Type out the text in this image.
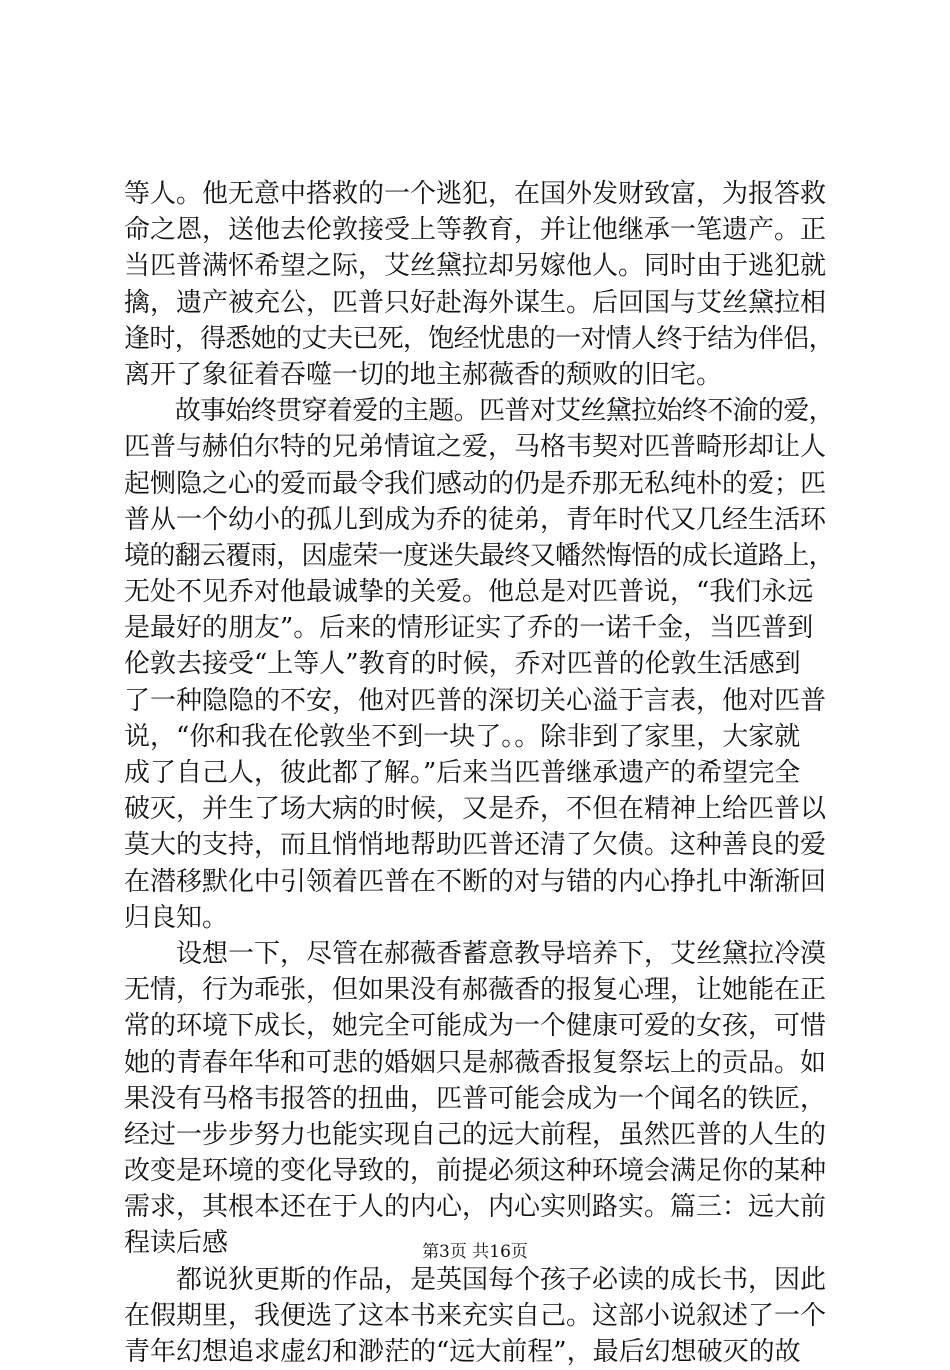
等人。他无意中搭救的一个逃犯，在国外发财致富，为报答救
命之恩，送他去伦敦接受上等教育，并让他继承一笔遗产。正
当匹普满怀希望之际，艾丝黛拉却另嫁他人。同时由于逃犯就
擒，遗产被充公，匹普只好赴海外谋生。后回国与艾丝黛拉相
逢时，得悉她的丈夫已死，饱经忧患的一对情人终于结为伴侣，
离开了象征着吞噬一切的地主郝薇香的颓败的旧宅。
　　故事始终贯穿着爱的主题。匹普对艾丝黛拉始终不渝的爱，
匹普与赫伯尔特的兄弟情谊之爱，马格韦契对匹普畸形却让人
起恻隐之心的爱而最令我们感动的仍是乔那无私纯朴的爱；匹
普从一个幼小的孤儿到成为乔的徒弟，青年时代又几经生活环
境的翻云覆雨，因虚荣一度迷失最终又幡然悔悟的成长道路上，
无处不见乔对他最诚挚的关爱。他总是对匹普说，“我们永远
是最好的朋友”。后来的情形证实了乔的一诺千金，当匹普到
伦敦去接受“上等人”教育的时候，乔对匹普的伦敦生活感到
了一种隐隐的不安，他对匹普的深切关心溢于言表，他对匹普
说，“你和我在伦敦坐不到一块了。。除非到了家里，大家就
成了自己人，彼此都了解。”后来当匹普继承遗产的希望完全
破灭，并生了场大病的时候，又是乔，不但在精神上给匹普以
莫大的支持，而且悄悄地帮助匹普还清了欠债。这种善良的爱
在潜移默化中引领着匹普在不断的对与错的内心挣扎中渐渐回
归良知。
　　设想一下，尽管在郝薇香蓄意教导培养下，艾丝黛拉冷漠
无情，行为乖张，但如果没有郝薇香的报复心理，让她能在正
常的环境下成长，她完全可能成为一个健康可爱的女孩，可惜
她的青春年华和可悲的婚姻只是郝薇香报复祭坛上的贡品。如
果没有马格韦报答的扭曲，匹普可能会成为一个闻名的铁匠，
经过一步步努力也能实现自己的远大前程，虽然匹普的人生的
改变是环境的变化导致的，前提必须这种环境会满足你的某种
需求，其根本还在于人的内心，内心实则路实。篇三：远大前
程读后感
　　都说狄更斯的作品，是英国每个孩子必读的成长书，因此
在假期里，我便选了这本书来充实自己。这部小说叙述了一个
青年幻想追求虚幻和渺茫的“远大前程”，最后幻想破灭的故
第3页 共16页
